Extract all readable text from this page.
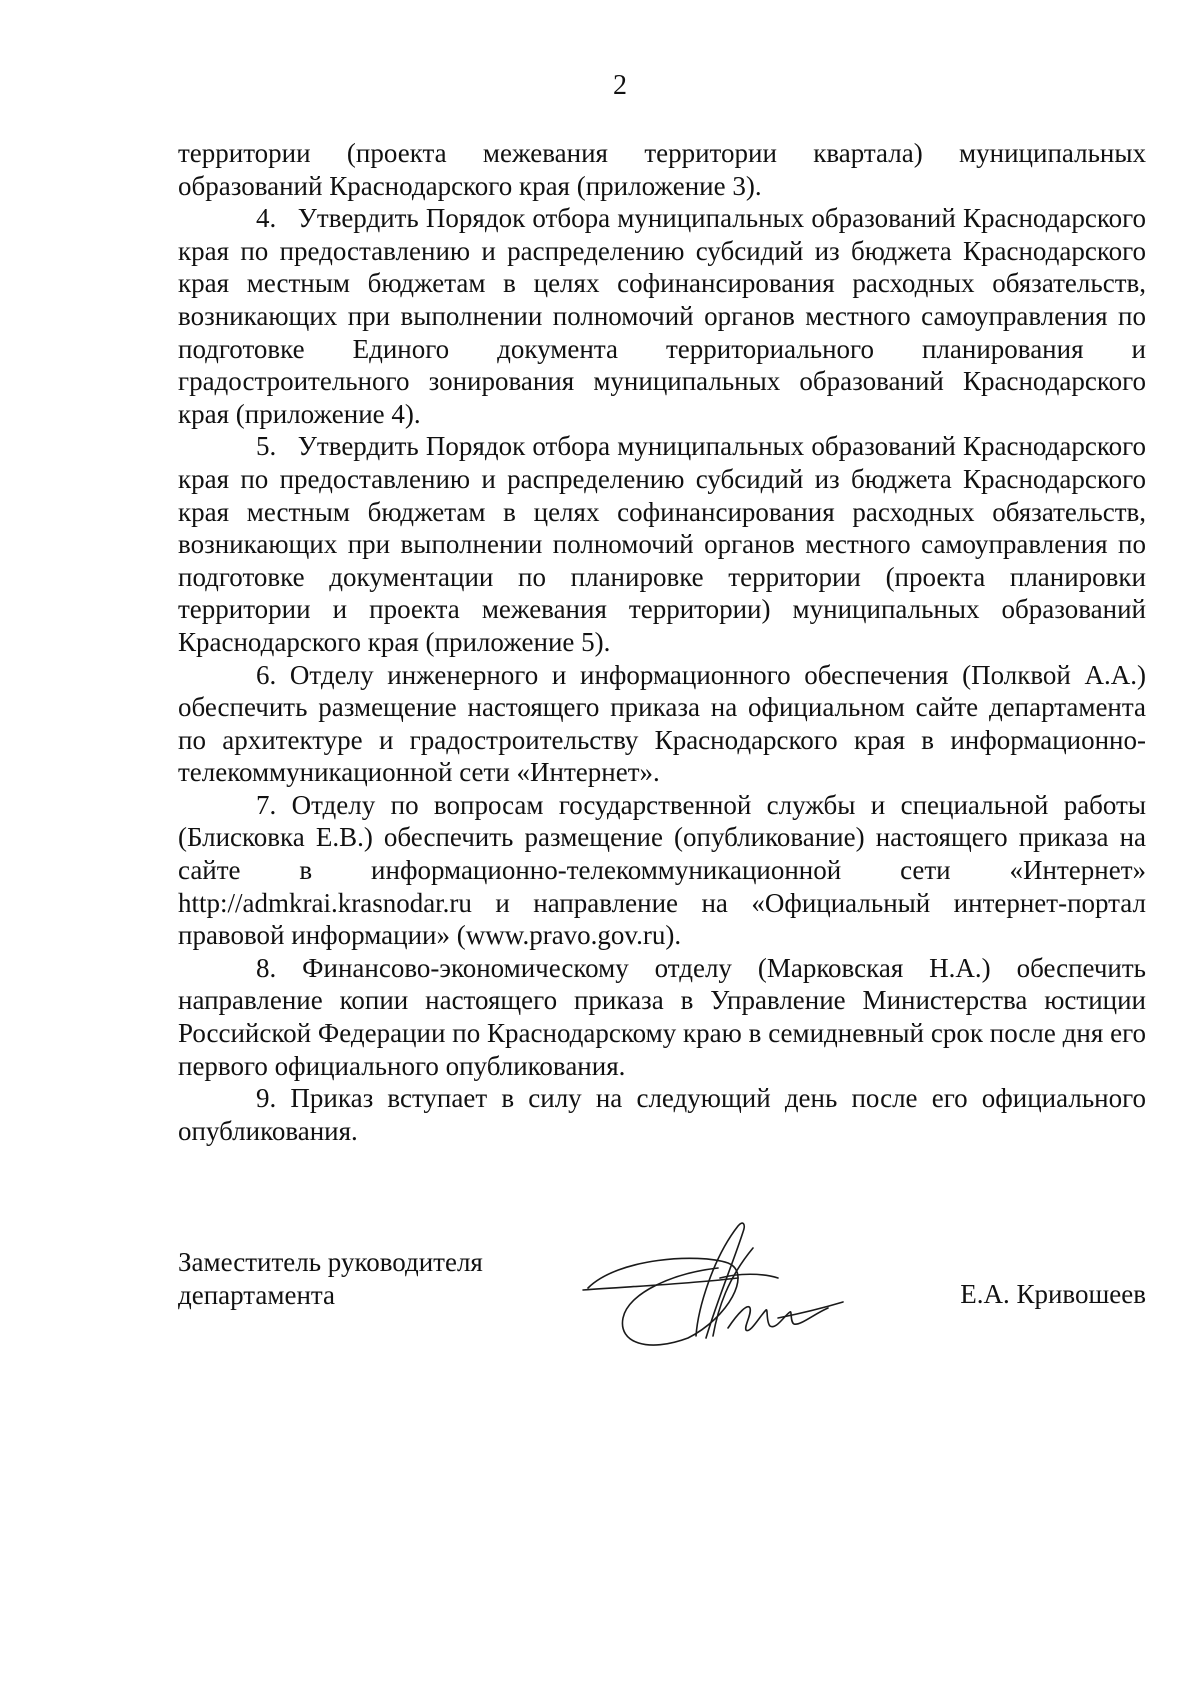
2

территории (проекта межевания территории квартала) муниципальных образований Краснодарского края (приложение 3).

4.   Утвердить Порядок отбора муниципальных образований Краснодарского края по предоставлению и распределению субсидий из бюджета Краснодарского края местным бюджетам в целях софинансирования расходных обязательств, возникающих при выполнении полномочий органов местного самоуправления по подготовке Единого документа территориального планирования и градостроительного зонирования муниципальных образований Краснодарского края (приложение 4).

5.   Утвердить Порядок отбора муниципальных образований Краснодарского края по предоставлению и распределению субсидий из бюджета Краснодарского края местным бюджетам в целях софинансирования расходных обязательств, возникающих при выполнении полномочий органов местного самоуправления по подготовке документации по планировке территории (проекта планировки территории и проекта межевания территории) муниципальных образований Краснодарского края (приложение 5).

6. Отделу инженерного и информационного обеспечения (Полквой А.А.) обеспечить размещение настоящего приказа на официальном сайте департамента по архитектуре и градостроительству Краснодарского края в информационно-телекоммуникационной сети «Интернет».

7. Отделу по вопросам государственной службы и специальной работы (Блисковка Е.В.) обеспечить размещение (опубликование) настоящего приказа на сайте в информационно-телекоммуникационной сети «Интернет» http://admkrai.krasnodar.ru и направление на «Официальный интернет-портал правовой информации» (www.pravo.gov.ru).

8. Финансово-экономическому отделу (Марковская Н.А.) обеспечить направление копии настоящего приказа в Управление Министерства юстиции Российской Федерации по Краснодарскому краю в семидневный срок после дня его первого официального опубликования.

9. Приказ вступает в силу на следующий день после его официального опубликования.

Заместитель руководителя
департамента	Е.А. Кривошеев
